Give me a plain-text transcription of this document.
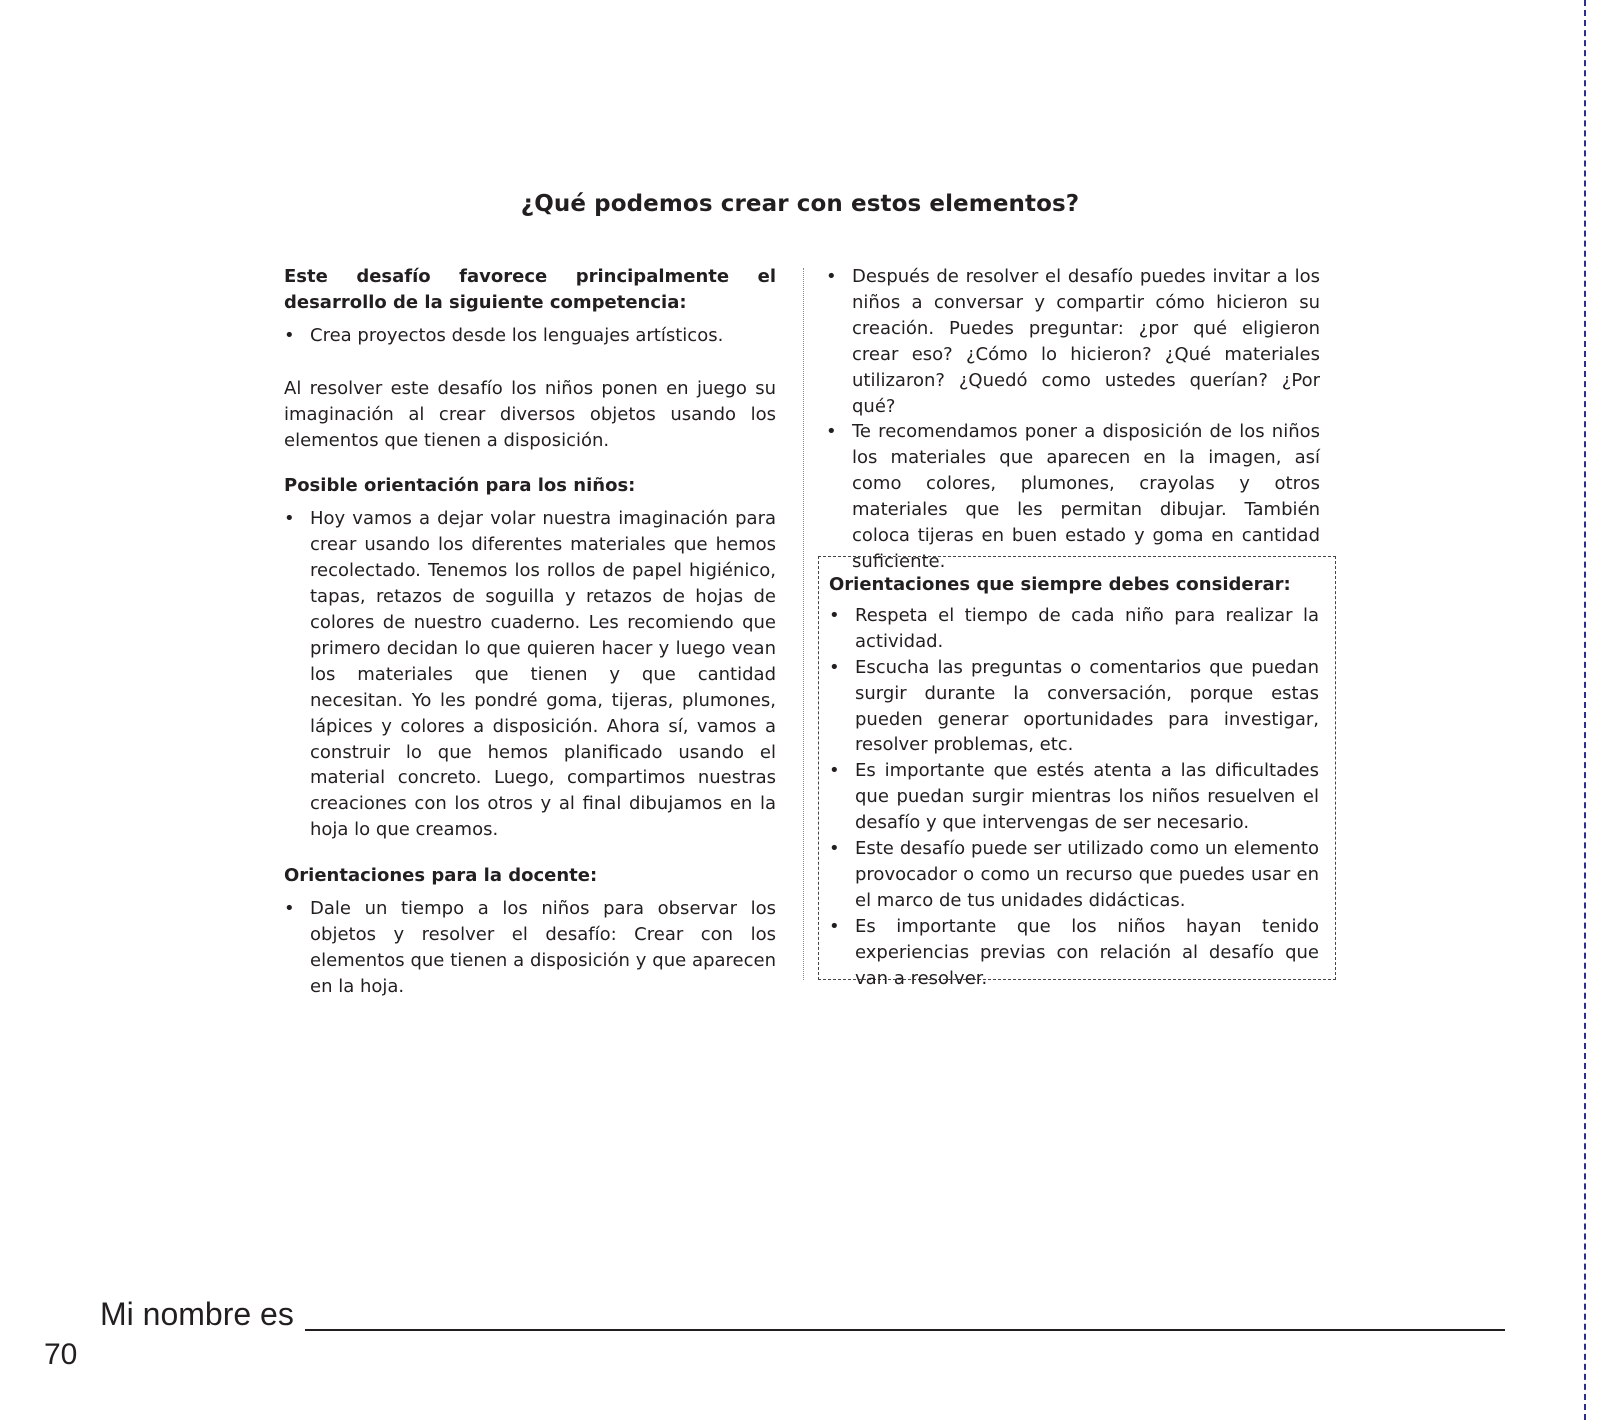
¿Qué podemos crear con estos elementos?

Este desafío favorece principalmente el desarrollo de la siguiente competencia:

• Crea proyectos desde los lenguajes artísticos.

Al resolver este desafío los niños ponen en juego su imaginación al crear diversos objetos usando los elementos que tienen a disposición.

Posible orientación para los niños:

• Hoy vamos a dejar volar nuestra imaginación para crear usando los diferentes materiales que hemos recolectado. Tenemos los rollos de papel higiénico, tapas, retazos de soguilla y retazos de hojas de colores de nuestro cuaderno. Les recomiendo que primero decidan lo que quieren hacer y luego vean los materiales que tienen y que cantidad necesitan. Yo les pondré goma, tijeras, plumones, lápices y colores a disposición. Ahora sí, vamos a construir lo que hemos planificado usando el material concreto. Luego, compartimos nuestras creaciones con los otros y al final dibujamos en la hoja lo que creamos.

Orientaciones para la docente:

• Dale un tiempo a los niños para observar los objetos y resolver el desafío: Crear con los elementos que tienen a disposición y que aparecen en la hoja.
• Después de resolver el desafío puedes invitar a los niños a conversar y compartir cómo hicieron su creación. Puedes preguntar: ¿por qué eligieron crear eso? ¿Cómo lo hicieron? ¿Qué materiales utilizaron? ¿Quedó como ustedes querían? ¿Por qué?
• Te recomendamos poner a disposición de los niños los materiales que aparecen en la imagen, así como colores, plumones, crayolas y otros materiales que les permitan dibujar. También coloca tijeras en buen estado y goma en cantidad suficiente.

Orientaciones que siempre debes considerar:

• Respeta el tiempo de cada niño para realizar la actividad.
• Escucha las preguntas o comentarios que puedan surgir durante la conversación, porque estas pueden generar oportunidades para investigar, resolver problemas, etc.
• Es importante que estés atenta a las dificultades que puedan surgir mientras los niños resuelven el desafío y que intervengas de ser necesario.
• Este desafío puede ser utilizado como un elemento provocador o como un recurso que puedes usar en el marco de tus unidades didácticas.
• Es importante que los niños hayan tenido experiencias previas con relación al desafío que van a resolver.
Mi nombre es
70
